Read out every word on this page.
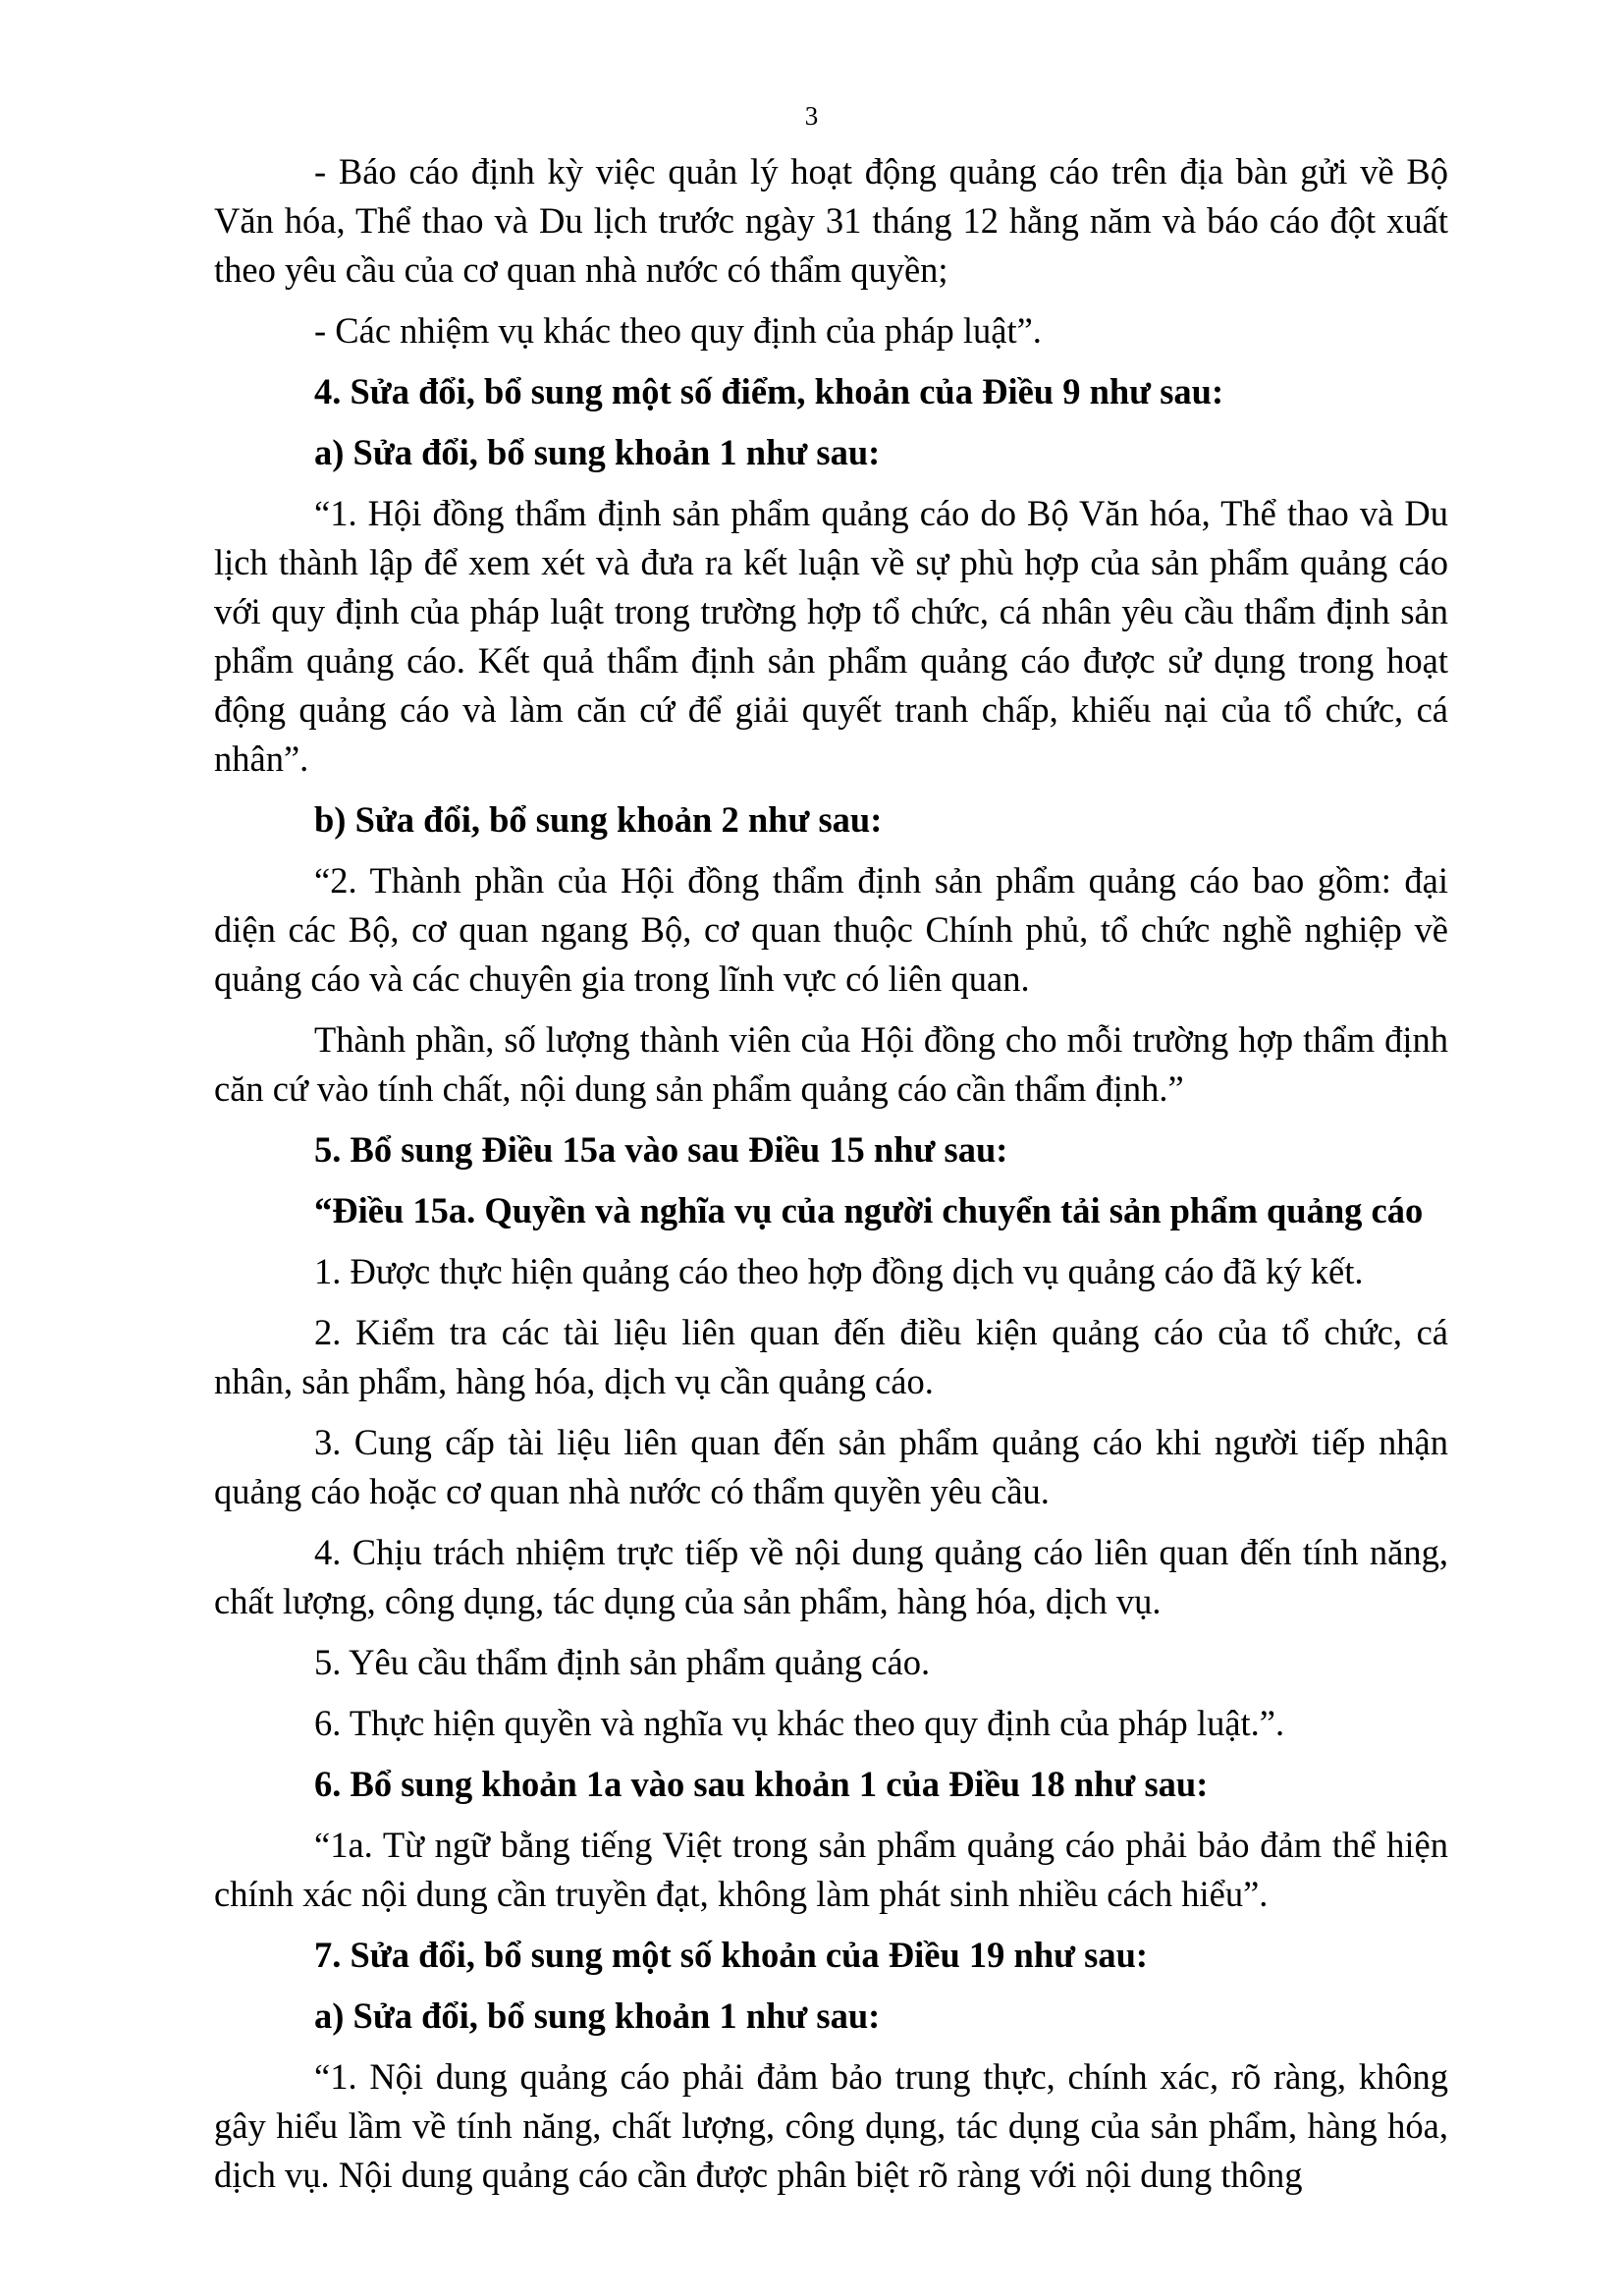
3

- Báo cáo định kỳ việc quản lý hoạt động quảng cáo trên địa bàn gửi về Bộ Văn hóa, Thể thao và Du lịch trước ngày 31 tháng 12 hằng năm và báo cáo đột xuất theo yêu cầu của cơ quan nhà nước có thẩm quyền;

- Các nhiệm vụ khác theo quy định của pháp luật”.

4. Sửa đổi, bổ sung một số điểm, khoản của Điều 9 như sau:

a) Sửa đổi, bổ sung khoản 1 như sau:

“1. Hội đồng thẩm định sản phẩm quảng cáo do Bộ Văn hóa, Thể thao và Du lịch thành lập để xem xét và đưa ra kết luận về sự phù hợp của sản phẩm quảng cáo với quy định của pháp luật trong trường hợp tổ chức, cá nhân yêu cầu thẩm định sản phẩm quảng cáo. Kết quả thẩm định sản phẩm quảng cáo được sử dụng trong hoạt động quảng cáo và làm căn cứ để giải quyết tranh chấp, khiếu nại của tổ chức, cá nhân”.

b) Sửa đổi, bổ sung khoản 2 như sau:

“2. Thành phần của Hội đồng thẩm định sản phẩm quảng cáo bao gồm: đại diện các Bộ, cơ quan ngang Bộ, cơ quan thuộc Chính phủ, tổ chức nghề nghiệp về quảng cáo và các chuyên gia trong lĩnh vực có liên quan.

Thành phần, số lượng thành viên của Hội đồng cho mỗi trường hợp thẩm định căn cứ vào tính chất, nội dung sản phẩm quảng cáo cần thẩm định.”

5. Bổ sung Điều 15a vào sau Điều 15 như sau:

“Điều 15a. Quyền và nghĩa vụ của người chuyển tải sản phẩm quảng cáo

1. Được thực hiện quảng cáo theo hợp đồng dịch vụ quảng cáo đã ký kết.

2. Kiểm tra các tài liệu liên quan đến điều kiện quảng cáo của tổ chức, cá nhân, sản phẩm, hàng hóa, dịch vụ cần quảng cáo.

3. Cung cấp tài liệu liên quan đến sản phẩm quảng cáo khi người tiếp nhận quảng cáo hoặc cơ quan nhà nước có thẩm quyền yêu cầu.

4. Chịu trách nhiệm trực tiếp về nội dung quảng cáo liên quan đến tính năng, chất lượng, công dụng, tác dụng của sản phẩm, hàng hóa, dịch vụ.

5. Yêu cầu thẩm định sản phẩm quảng cáo.

6. Thực hiện quyền và nghĩa vụ khác theo quy định của pháp luật.”.

6. Bổ sung khoản 1a vào sau khoản 1 của Điều 18 như sau:

“1a. Từ ngữ bằng tiếng Việt trong sản phẩm quảng cáo phải bảo đảm thể hiện chính xác nội dung cần truyền đạt, không làm phát sinh nhiều cách hiểu”.

7. Sửa đổi, bổ sung một số khoản của Điều 19 như sau:

a) Sửa đổi, bổ sung khoản 1 như sau:

“1. Nội dung quảng cáo phải đảm bảo trung thực, chính xác, rõ ràng, không gây hiểu lầm về tính năng, chất lượng, công dụng, tác dụng của sản phẩm, hàng hóa, dịch vụ. Nội dung quảng cáo cần được phân biệt rõ ràng với nội dung thông
